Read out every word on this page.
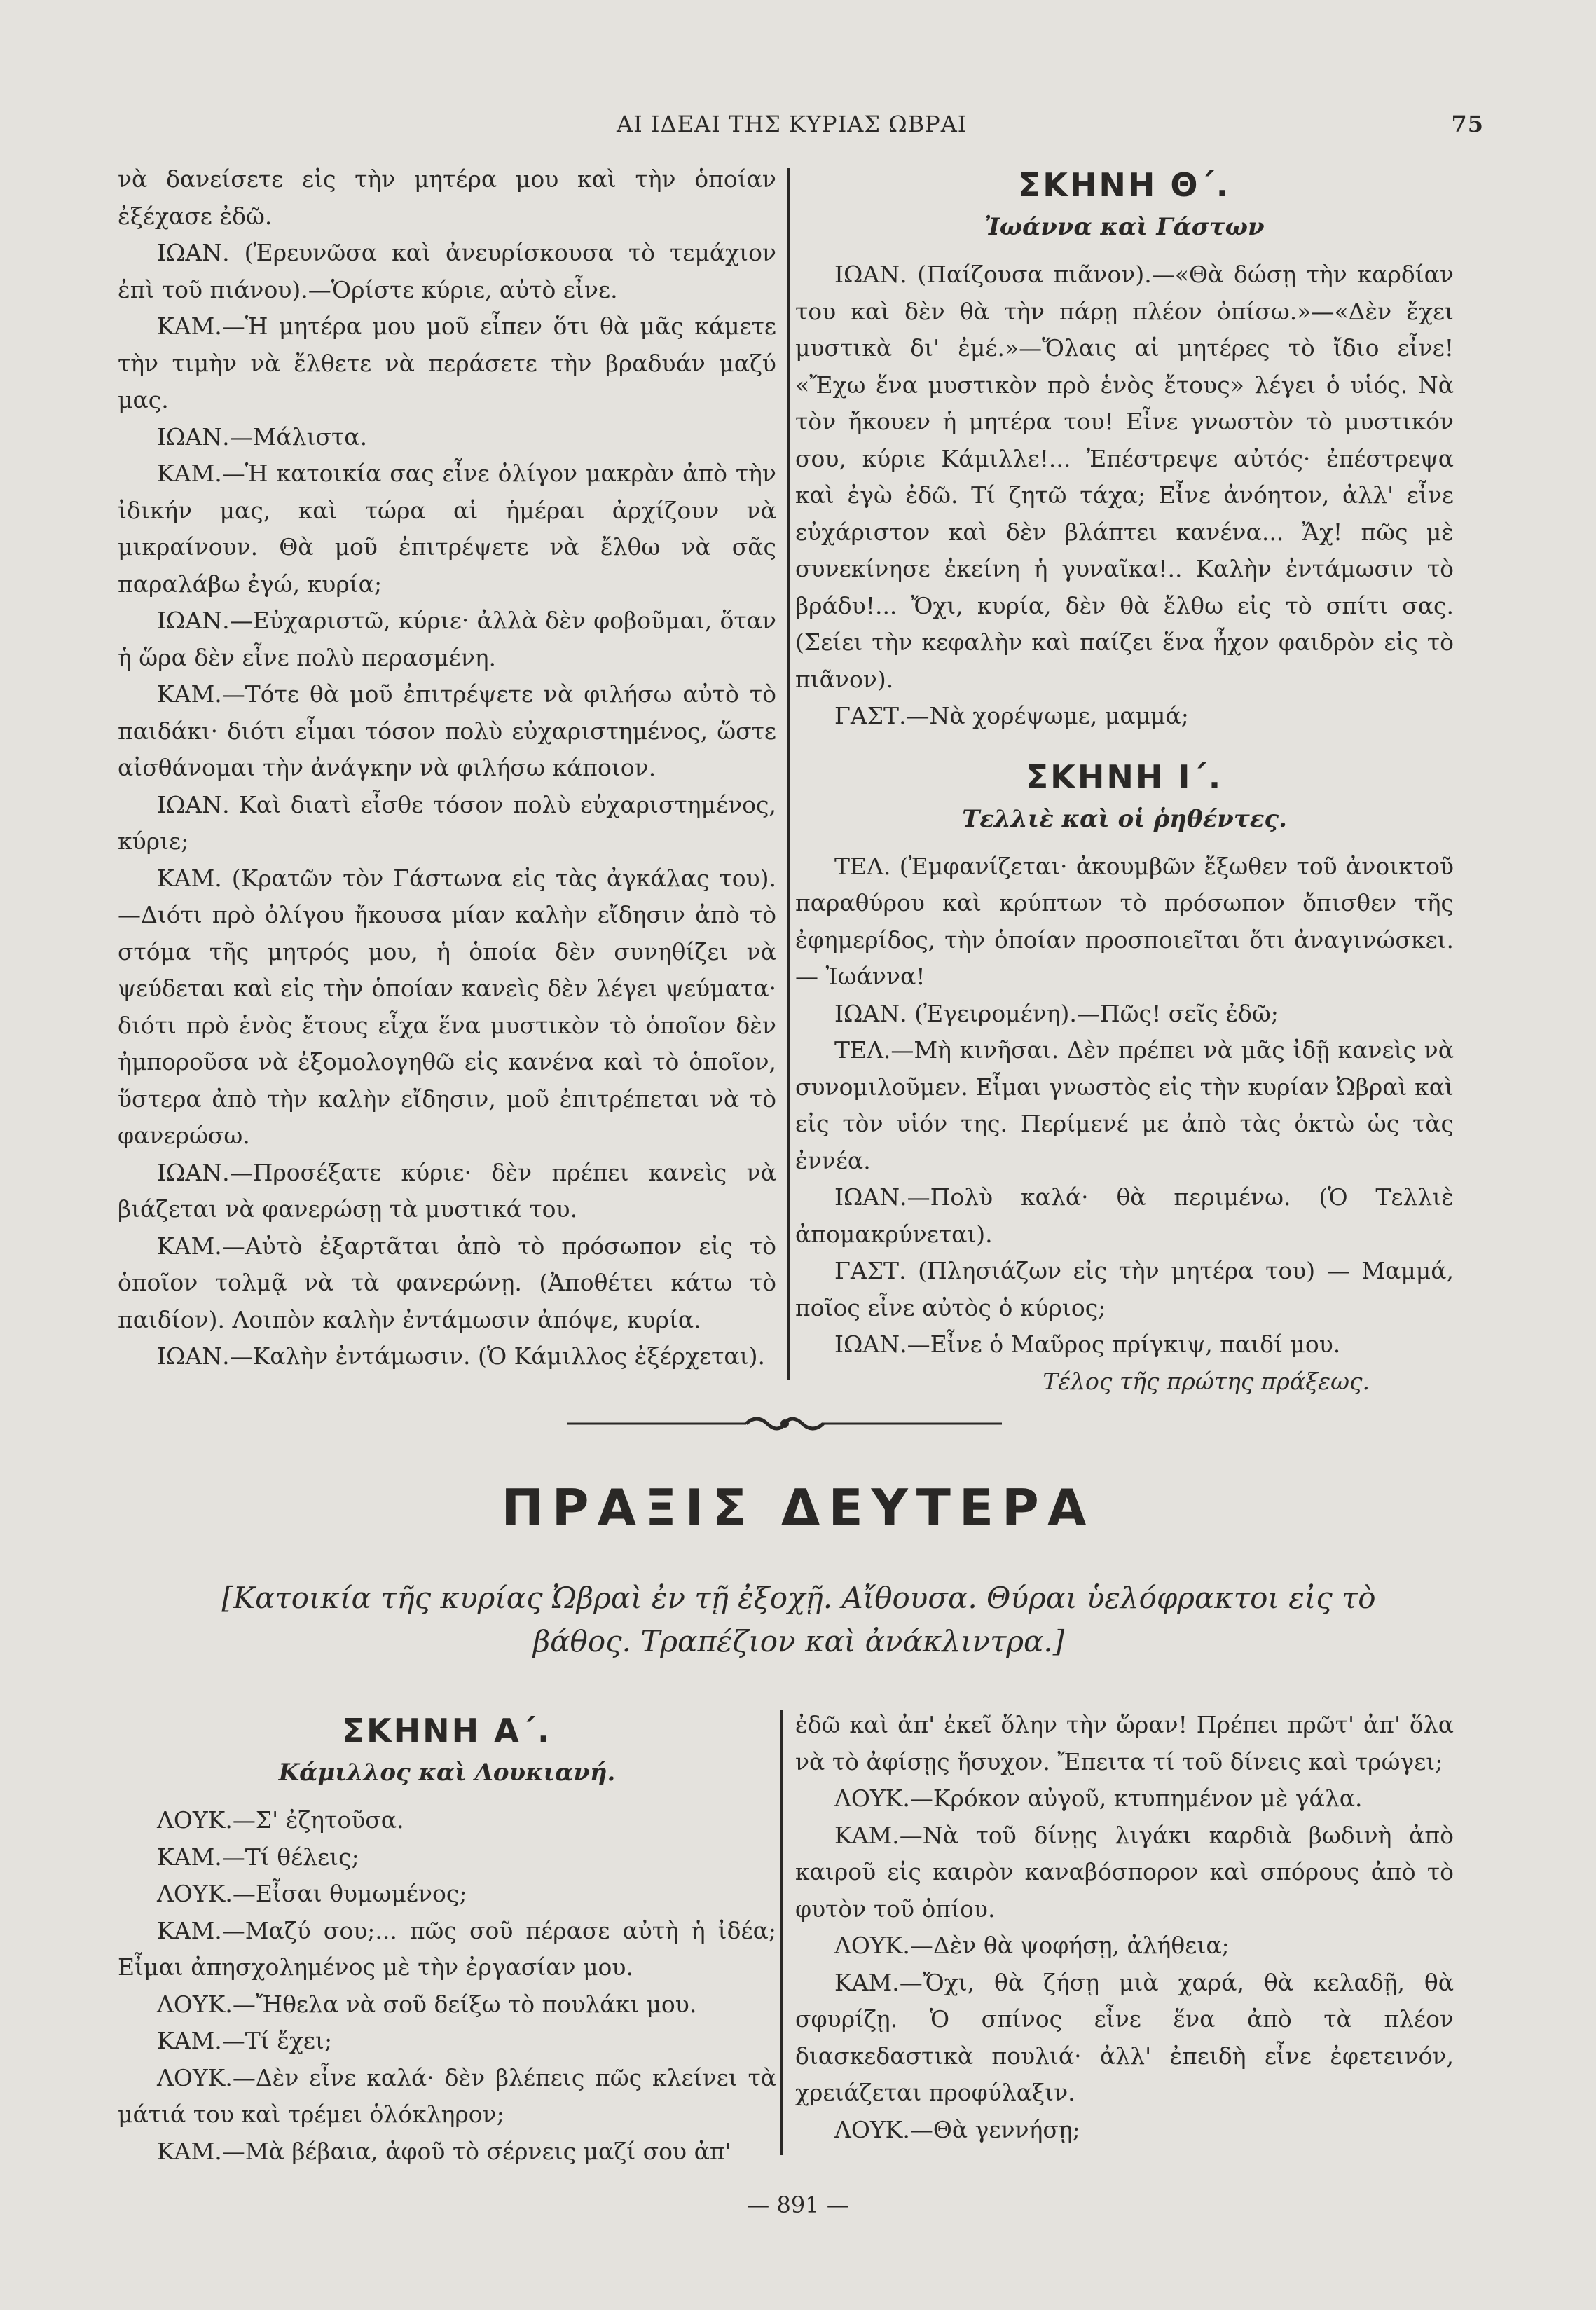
ΑΙ ΙΔΕΑΙ ΤΗΣ ΚΥΡΙΑΣ ΩΒΡΑΙ	75

νὰ δανείσετε εἰς τὴν μητέρα μου καὶ τὴν ὁποίαν ἐξέχασε ἐδῶ.

ΙΩΑΝ. (Ἐρευνῶσα καὶ ἀνευρίσκουσα τὸ τεμάχιον ἐπὶ τοῦ πιάνου).—Ὁρίστε κύριε, αὐτὸ εἶνε.

ΚΑΜ.—Ἡ μητέρα μου μοῦ εἶπεν ὅτι θὰ μᾶς κάμετε τὴν τιμὴν νὰ ἔλθετε νὰ περάσετε τὴν βραδυάν μαζύ μας.

ΙΩΑΝ.—Μάλιστα.

ΚΑΜ.—Ἡ κατοικία σας εἶνε ὀλίγον μακρὰν ἀπὸ τὴν ἰδικήν μας, καὶ τώρα αἱ ἡμέραι ἀρχίζουν νὰ μικραίνουν. Θὰ μοῦ ἐπιτρέψετε νὰ ἔλθω νὰ σᾶς παραλάβω ἐγώ, κυρία;

ΙΩΑΝ.—Εὐχαριστῶ, κύριε· ἀλλὰ δὲν φοβοῦμαι, ὅταν ἡ ὥρα δὲν εἶνε πολὺ περασμένη.

ΚΑΜ.—Τότε θὰ μοῦ ἐπιτρέψετε νὰ φιλήσω αὐτὸ τὸ παιδάκι· διότι εἶμαι τόσον πολὺ εὐχαριστημένος, ὥστε αἰσθάνομαι τὴν ἀνάγκην νὰ φιλήσω κάποιον.

ΙΩΑΝ. Καὶ διατὶ εἶσθε τόσον πολὺ εὐχαριστημένος, κύριε;

ΚΑΜ. (Κρατῶν τὸν Γάστωνα εἰς τὰς ἀγκάλας του).—Διότι πρὸ ὀλίγου ἤκουσα μίαν καλὴν εἴδησιν ἀπὸ τὸ στόμα τῆς μητρός μου, ἡ ὁποία δὲν συνηθίζει νὰ ψεύδεται καὶ εἰς τὴν ὁποίαν κανεὶς δὲν λέγει ψεύματα· διότι πρὸ ἑνὸς ἔτους εἶχα ἕνα μυστικὸν τὸ ὁποῖον δὲν ἠμποροῦσα νὰ ἐξομολογηθῶ εἰς κανένα καὶ τὸ ὁποῖον, ὕστερα ἀπὸ τὴν καλὴν εἴδησιν, μοῦ ἐπιτρέπεται νὰ τὸ φανερώσω.

ΙΩΑΝ.—Προσέξατε κύριε· δὲν πρέπει κανεὶς νὰ βιάζεται νὰ φανερώσῃ τὰ μυστικά του.

ΚΑΜ.—Αὐτὸ ἐξαρτᾶται ἀπὸ τὸ πρόσωπον εἰς τὸ ὁποῖον τολμᾷ νὰ τὰ φανερώνῃ. (Ἀποθέτει κάτω τὸ παιδίον). Λοιπὸν καλὴν ἐντάμωσιν ἀπόψε, κυρία.

ΙΩΑΝ.—Καλὴν ἐντάμωσιν. (Ὁ Κάμιλλος ἐξέρχεται).

ΣΚΗΝΗ Θ΄.
Ἰωάννα καὶ Γάστων

ΙΩΑΝ. (Παίζουσα πιᾶνον).—«Θὰ δώσῃ τὴν καρδίαν του καὶ δὲν θὰ τὴν πάρῃ πλέον ὀπίσω.»—«Δὲν ἔχει μυστικὰ δι' ἐμέ.»—Ὅλαις αἱ μητέρες τὸ ἴδιο εἶνε! «Ἔχω ἕνα μυστικὸν πρὸ ἑνὸς ἔτους» λέγει ὁ υἱός. Νὰ τὸν ἤκουεν ἡ μητέρα του! Εἶνε γνωστὸν τὸ μυστικόν σου, κύριε Κάμιλλε!... Ἐπέστρεψε αὐτός· ἐπέστρεψα καὶ ἐγὼ ἐδῶ. Τί ζητῶ τάχα; Εἶνε ἀνόητον, ἀλλ' εἶνε εὐχάριστον καὶ δὲν βλάπτει κανένα... Ἄχ! πῶς μὲ συνεκίνησε ἐκείνη ἡ γυναῖκα!.. Καλὴν ἐντάμωσιν τὸ βράδυ!... Ὄχι, κυρία, δὲν θὰ ἔλθω εἰς τὸ σπίτι σας. (Σείει τὴν κεφαλὴν καὶ παίζει ἕνα ἦχον φαιδρὸν εἰς τὸ πιᾶνον).

ΓΑΣΤ.—Νὰ χορέψωμε, μαμμά;

ΣΚΗΝΗ Ι΄.
Τελλιὲ καὶ οἱ ῥηθέντες.

ΤΕΛ. (Ἐμφανίζεται· ἀκουμβῶν ἔξωθεν τοῦ ἀνοικτοῦ παραθύρου καὶ κρύπτων τὸ πρόσωπον ὄπισθεν τῆς ἐφημερίδος, τὴν ὁποίαν προσποιεῖται ὅτι ἀναγινώσκει. — Ἰωάννα!

ΙΩΑΝ. (Ἐγειρομένη).—Πῶς! σεῖς ἐδῶ;

ΤΕΛ.—Μὴ κινῆσαι. Δὲν πρέπει νὰ μᾶς ἰδῇ κανεὶς νὰ συνομιλοῦμεν. Εἶμαι γνωστὸς εἰς τὴν κυρίαν Ὠβραὶ καὶ εἰς τὸν υἱόν της. Περίμενέ με ἀπὸ τὰς ὀκτὼ ὡς τὰς ἐννέα.

ΙΩΑΝ.—Πολὺ καλά· θὰ περιμένω. (Ὁ Τελλιὲ ἀπομακρύνεται).

ΓΑΣΤ. (Πλησιάζων εἰς τὴν μητέρα του) — Μαμμά, ποῖος εἶνε αὐτὸς ὁ κύριος;

ΙΩΑΝ.—Εἶνε ὁ Μαῦρος πρίγκιψ, παιδί μου.

Τέλος τῆς πρώτης πράξεως.

ΠΡΑΞΙΣ ΔΕΥΤΕΡΑ
[Κατοικία τῆς κυρίας Ὠβραὶ ἐν τῇ ἐξοχῇ. Αἴθουσα. Θύραι ὑελόφρακτοι εἰς τὸ βάθος. Τραπέζιον καὶ ἀνάκλιντρα.]
ΣΚΗΝΗ Α΄.
Κάμιλλος καὶ Λουκιανή.

ΛΟΥΚ.—Σ' ἐζητοῦσα.

ΚΑΜ.—Τί θέλεις;

ΛΟΥΚ.—Εἶσαι θυμωμένος;

ΚΑΜ.—Μαζύ σου;... πῶς σοῦ πέρασε αὐτὴ ἡ ἰδέα; Εἶμαι ἀπησχολημένος μὲ τὴν ἐργασίαν μου.

ΛΟΥΚ.—Ἤθελα νὰ σοῦ δείξω τὸ πουλάκι μου.

ΚΑΜ.—Τί ἔχει;

ΛΟΥΚ.—Δὲν εἶνε καλά· δὲν βλέπεις πῶς κλείνει τὰ μάτιά του καὶ τρέμει ὁλόκληρον;

ΚΑΜ.—Μὰ βέβαια, ἀφοῦ τὸ σέρνεις μαζί σου ἀπ'

ἐδῶ καὶ ἀπ' ἐκεῖ ὅλην τὴν ὥραν! Πρέπει πρῶτ' ἀπ' ὅλα νὰ τὸ ἀφίσῃς ἥσυχον. Ἔπειτα τί τοῦ δίνεις καὶ τρώγει;

ΛΟΥΚ.—Κρόκον αὐγοῦ, κτυπημένον μὲ γάλα.

ΚΑΜ.—Νὰ τοῦ δίνῃς λιγάκι καρδιὰ βωδινὴ ἀπὸ καιροῦ εἰς καιρὸν καναβόσπορον καὶ σπόρους ἀπὸ τὸ φυτὸν τοῦ ὀπίου.

ΛΟΥΚ.—Δὲν θὰ ψοφήσῃ, ἀλήθεια;

ΚΑΜ.—Ὄχι, θὰ ζήσῃ μιὰ χαρά, θὰ κελαδῇ, θὰ σφυρίζῃ. Ὁ σπίνος εἶνε ἕνα ἀπὸ τὰ πλέον διασκεδαστικὰ πουλιά· ἀλλ' ἐπειδὴ εἶνε ἐφετεινόν, χρειάζεται προφύλαξιν.

ΛΟΥΚ.—Θὰ γεννήσῃ;

— 891 —
